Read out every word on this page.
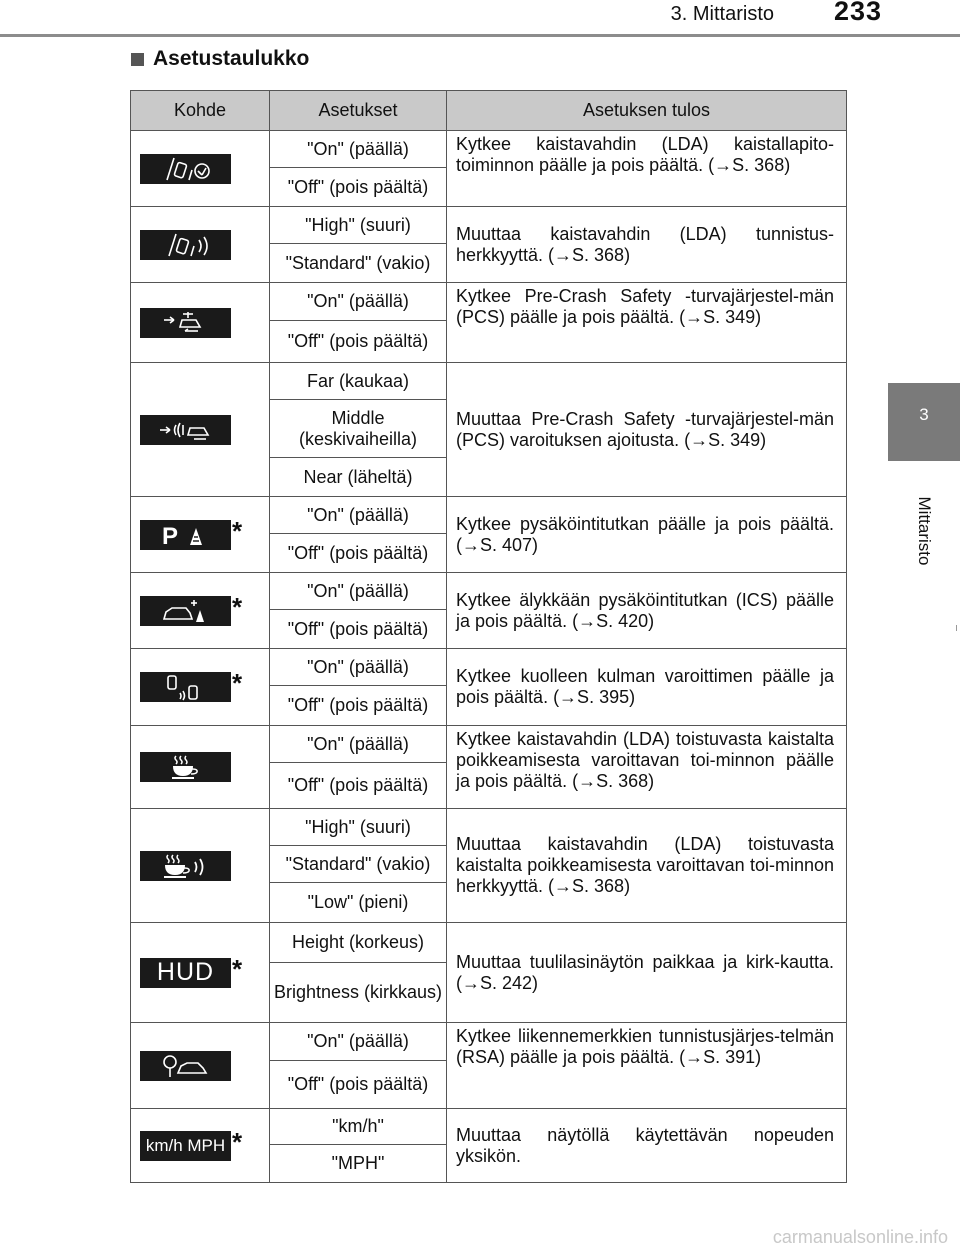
3. Mittaristo 233
3
Mittaristo
Asetustaulukko
Kohde	Asetukset	Asetuksen tulos

	"On" (päällä)	Kytkee kaistavahdin (LDA) kaistallapito-toiminnon päälle ja pois päältä. (→S. 368)
	"Off" (pois päältä)	

	"High" (suuri)	Muuttaa kaistavahdin (LDA) tunnistus-herkkyyttä. (→S. 368)
	"Standard" (vakio)	

	"On" (päällä)	Kytkee Pre-Crash Safety -turvajärjestel-män (PCS) päälle ja pois päältä. (→S. 349)
	"Off" (pois päältä)	

	Far (kaukaa)	Muuttaa Pre-Crash Safety -turvajärjestel-män (PCS) varoituksen ajoitusta. (→S. 349)
	Middle (keskivaiheilla)	
	Near (läheltä)	

P *	"On" (päällä)	Kytkee pysäköintitutkan päälle ja pois päältä. (→S. 407)
	"Off" (pois päältä)	

*	"On" (päällä)	Kytkee älykkään pysäköintitutkan (ICS) päälle ja pois päältä. (→S. 420)
	"Off" (pois päältä)	

*	"On" (päällä)	Kytkee kuolleen kulman varoittimen päälle ja pois päältä. (→S. 395)
	"Off" (pois päältä)	

	"On" (päällä)	Kytkee kaistavahdin (LDA) toistuvasta kaistalta poikkeamisesta varoittavan toi-minnon päälle ja pois päältä. (→S. 368)
	"Off" (pois päältä)	

	"High" (suuri)	Muuttaa kaistavahdin (LDA) toistuvasta kaistalta poikkeamisesta varoittavan toi-minnon herkkyyttä. (→S. 368)
	"Standard" (vakio)	
	"Low" (pieni)	

HUD *	Height (korkeus)	Muuttaa tuulilasinäytön paikkaa ja kirk-kautta. (→S. 242)
	Brightness (kirkkaus)	

	"On" (päällä)	Kytkee liikennemerkkien tunnistusjärjes-telmän (RSA) päälle ja pois päältä. (→S. 391)
	"Off" (pois päältä)	

km/h MPH *	"km/h"	Muuttaa näytöllä käytettävän nopeuden yksikön.
	"MPH"	
carmanualsonline.info
